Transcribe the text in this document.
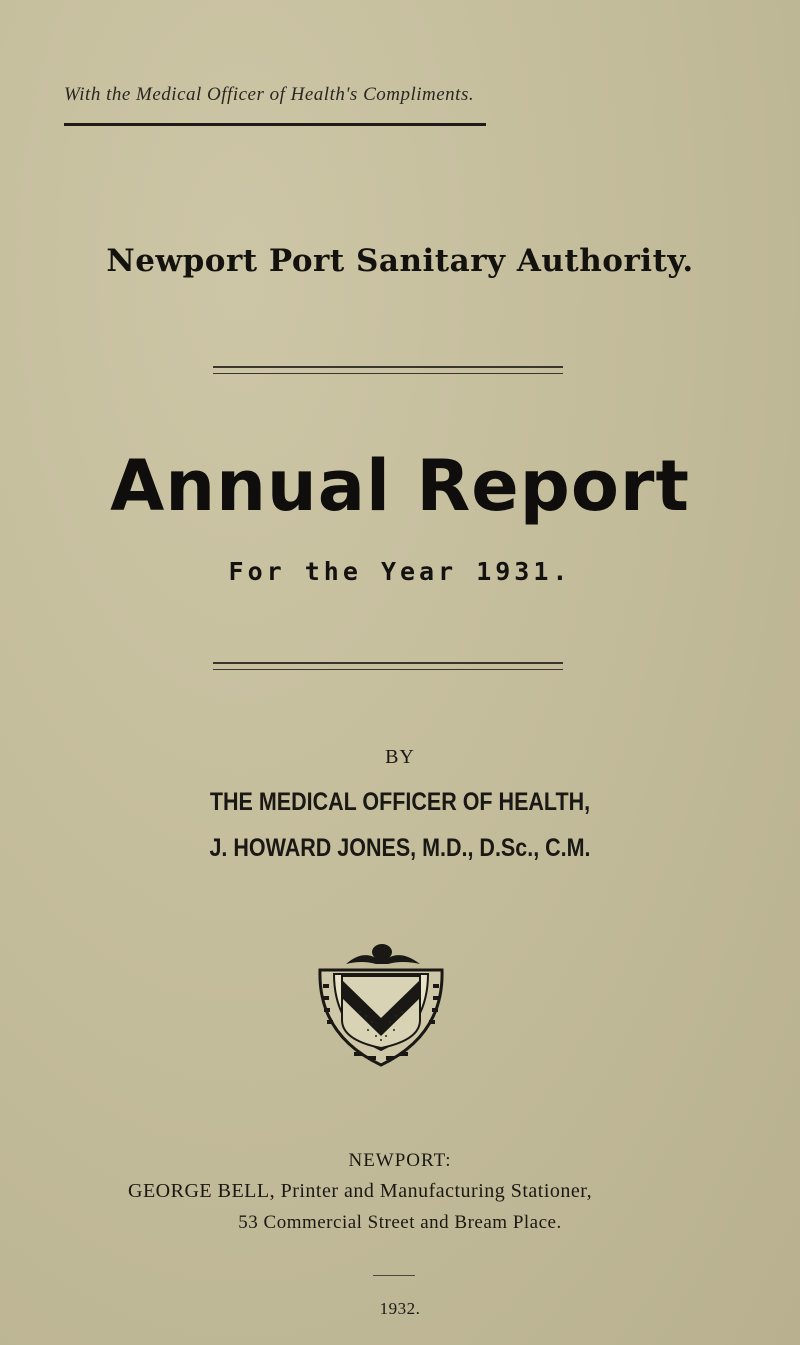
With the Medical Officer of Health's Compliments.
Newport Port Sanitary Authority.
Annual Report
For the Year 1931.
BY
THE MEDICAL OFFICER OF HEALTH,
J. HOWARD JONES, M.D., D.Sc., C.M.
NEWPORT:
GEORGE BELL, Printer and Manufacturing Stationer,
53 Commercial Street and Bream Place.
1932.
